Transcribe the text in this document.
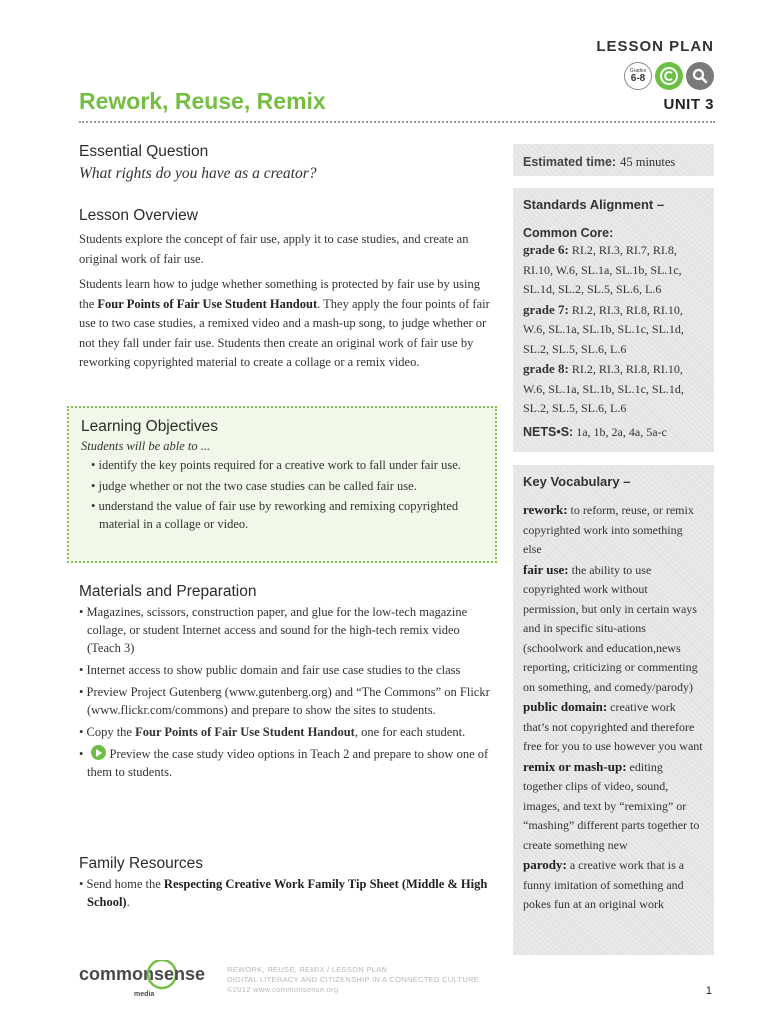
LESSON PLAN
Grades
6-8
UNIT 3
Rework, Reuse, Remix
Essential Question
What rights do you have as a creator?
Lesson Overview

Students explore the concept of fair use, apply it to case studies, and create an original work of fair use.

Students learn how to judge whether something is protected by fair use by using the Four Points of Fair Use Student Handout. They apply the four points of fair use to two case studies, a remixed video and a mash-up song, to judge whether or not they fall under fair use. Students then create an original work of fair use by reworking copyrighted material to create a collage or a remix video.

Learning Objectives
Students will be able to ...
• identify the key points required for a creative work to fall under fair use.
• judge whether or not the two case studies can be called fair use.
• understand the value of fair use by reworking and remixing copyrighted material in a collage or video.
Materials and Preparation
• Magazines, scissors, construction paper, and glue for the low-tech magazine collage, or student Internet access and sound for the high-tech remix video (Teach 3)
• Internet access to show public domain and fair use case studies to the class
• Preview Project Gutenberg (www.gutenberg.org) and “The Commons” on Flickr (www.flickr.com/commons) and prepare to show the sites to students.
• Copy the Four Points of Fair Use Student Handout, one for each student.
• Preview the case study video options in Teach 2 and prepare to show one of them to students.
Family Resources

• Send home the Respecting Creative Work Family Tip Sheet (Middle & High School).

Estimated time: 45 minutes
Standards Alignment –
Common Core:
grade 6: RI.2, RI.3, RI.7, RI.8, RI.10, W.6, SL.1a, SL.1b, SL.1c, SL.1d, SL.2, SL.5, SL.6, L.6
grade 7: RI.2, RI.3, RI.8, RI.10, W.6, SL.1a, SL.1b, SL.1c, SL.1d, SL.2, SL.5, SL.6, L.6
grade 8: RI.2, RI.3, RI.8, RI.10, W.6, SL.1a, SL.1b, SL.1c, SL.1d, SL.2, SL.5, SL.6, L.6
NETS•S: 1a, 1b, 2a, 4a, 5a-c
Key Vocabulary –
rework: to reform, reuse, or remix copyrighted work into something else
fair use: the ability to use copyrighted work without permission, but only in certain ways and in specific situ-ations (schoolwork and education,news reporting, criticizing or commenting on something, and comedy/parody)
public domain: creative work that’s not copyrighted and therefore free for you to use however you want
remix or mash-up: editing together clips of video, sound, images, and text by “remixing” or “mashing” different parts together to create something new
parody: a creative work that is a funny imitation of something and pokes fun at an original work
common sense
media
REWORK, REUSE, REMIX / LESSON PLAN
DIGITAL LITERACY AND CITIZENSHIP IN A CONNECTED CULTURE
©2012 www.commonsense.org	1
